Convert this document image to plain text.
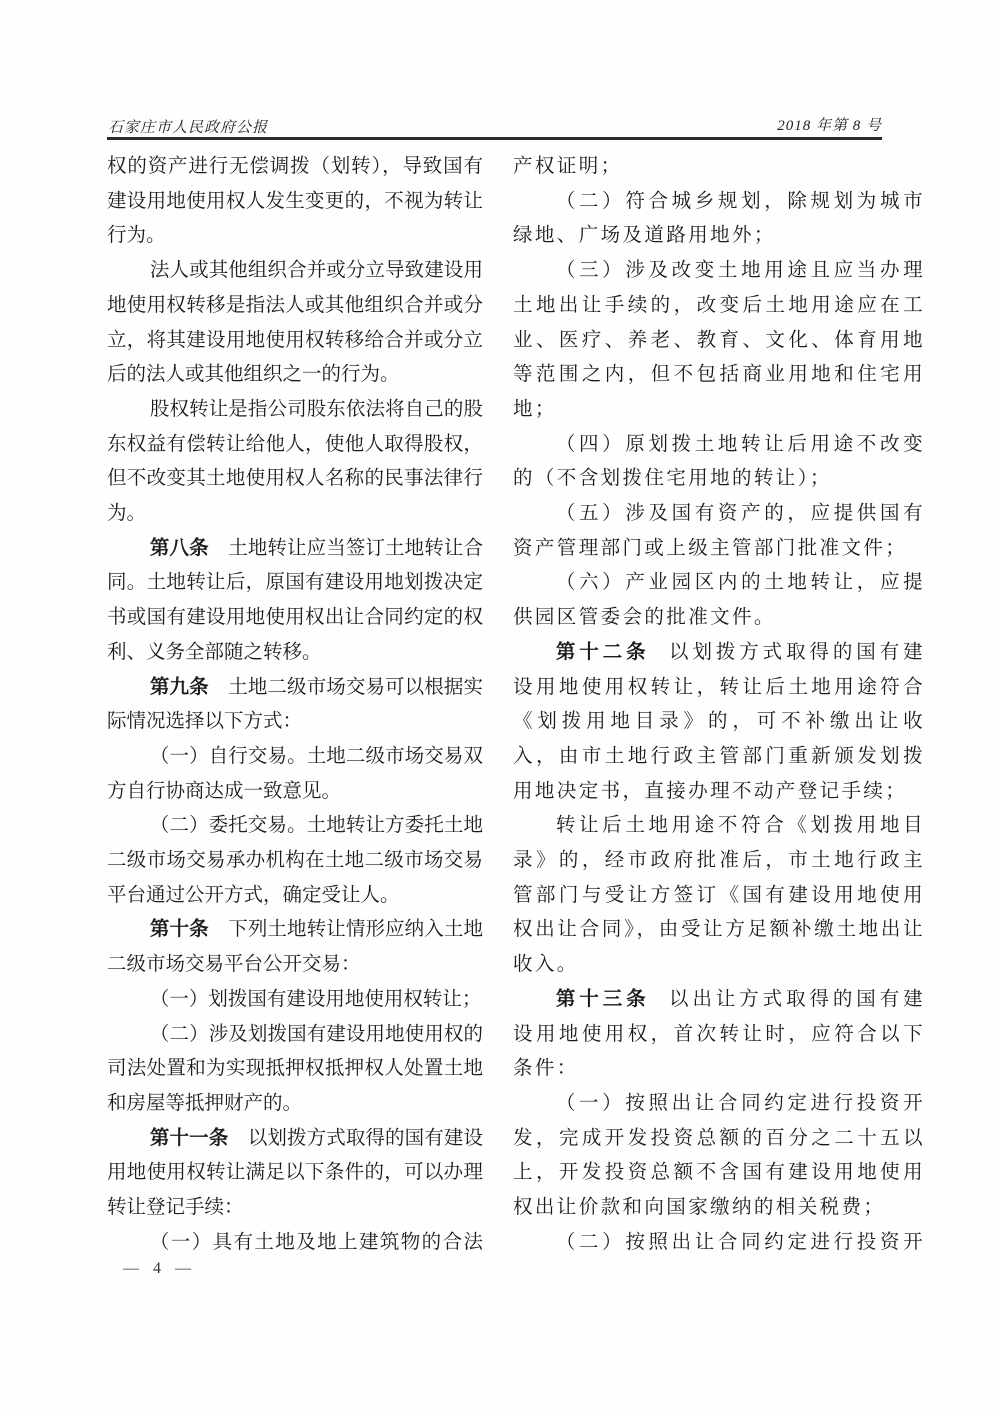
石家庄市人民政府公报	2018 年第 8 号

权的资产进行无偿调拨（划转），导致国有建设用地使用权人发生变更的，不视为转让行为。

法人或其他组织合并或分立导致建设用地使用权转移是指法人或其他组织合并或分立，将其建设用地使用权转移给合并或分立后的法人或其他组织之一的行为。

股权转让是指公司股东依法将自己的股东权益有偿转让给他人，使他人取得股权，但不改变其土地使用权人名称的民事法律行为。

第八条 土地转让应当签订土地转让合同。土地转让后，原国有建设用地划拨决定书或国有建设用地使用权出让合同约定的权利、义务全部随之转移。

第九条 土地二级市场交易可以根据实际情况选择以下方式：

（一）自行交易。土地二级市场交易双方自行协商达成一致意见。

（二）委托交易。土地转让方委托土地二级市场交易承办机构在土地二级市场交易平台通过公开方式，确定受让人。

第十条 下列土地转让情形应纳入土地二级市场交易平台公开交易：

（一）划拨国有建设用地使用权转让；

（二）涉及划拨国有建设用地使用权的司法处置和为实现抵押权抵押权人处置土地和房屋等抵押财产的。

第十一条 以划拨方式取得的国有建设用地使用权转让满足以下条件的，可以办理转让登记手续：

（一）具有土地及地上建筑物的合法

产权证明；

（二）符合城乡规划，除规划为城市绿地、广场及道路用地外；

（三）涉及改变土地用途且应当办理土地出让手续的，改变后土地用途应在工业、医疗、养老、教育、文化、体育用地等范围之内，但不包括商业用地和住宅用地；

（四）原划拨土地转让后用途不改变的（不含划拨住宅用地的转让）；

（五）涉及国有资产的，应提供国有资产管理部门或上级主管部门批准文件；

（六）产业园区内的土地转让，应提供园区管委会的批准文件。

第十二条 以划拨方式取得的国有建设用地使用权转让，转让后土地用途符合《划拨用地目录》的，可不补缴出让收入，由市土地行政主管部门重新颁发划拨用地决定书，直接办理不动产登记手续；

转让后土地用途不符合《划拨用地目录》的，经市政府批准后，市土地行政主管部门与受让方签订《国有建设用地使用权出让合同》，由受让方足额补缴土地出让收入。

第十三条 以出让方式取得的国有建设用地使用权，首次转让时，应符合以下条件：

（一）按照出让合同约定进行投资开发，完成开发投资总额的百分之二十五以上，开发投资总额不含国有建设用地使用权出让价款和向国家缴纳的相关税费；

（二）按照出让合同约定进行投资开

— 4 —
